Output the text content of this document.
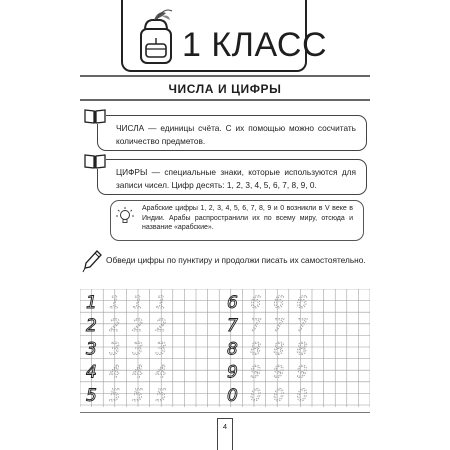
1 КЛАСС
ЧИСЛА И ЦИФРЫ
ЧИСЛА — единицы счёта. С их помощью можно сосчитать количество предметов.
ЦИФРЫ — специальные знаки, которые используются для записи чисел. Цифр десять: 1, 2, 3, 4, 5, 6, 7, 8, 9, 0.
Арабские цифры 1, 2, 3, 4, 5, 6, 7, 8, 9 и 0 возникли в V веке в Индии. Арабы распространили их по всему миру, отсюда и название «арабские».
Обведи цифры по пунктиру и продолжи писать их самостоятельно.
1 1 1 1
2 2 2 2
3 3 3 3
4 4 4 4
5 5 5 5
6 6 6 6
7 7 7 7
8 8 8 8
9 9 9 9
0 0 0 0
4
